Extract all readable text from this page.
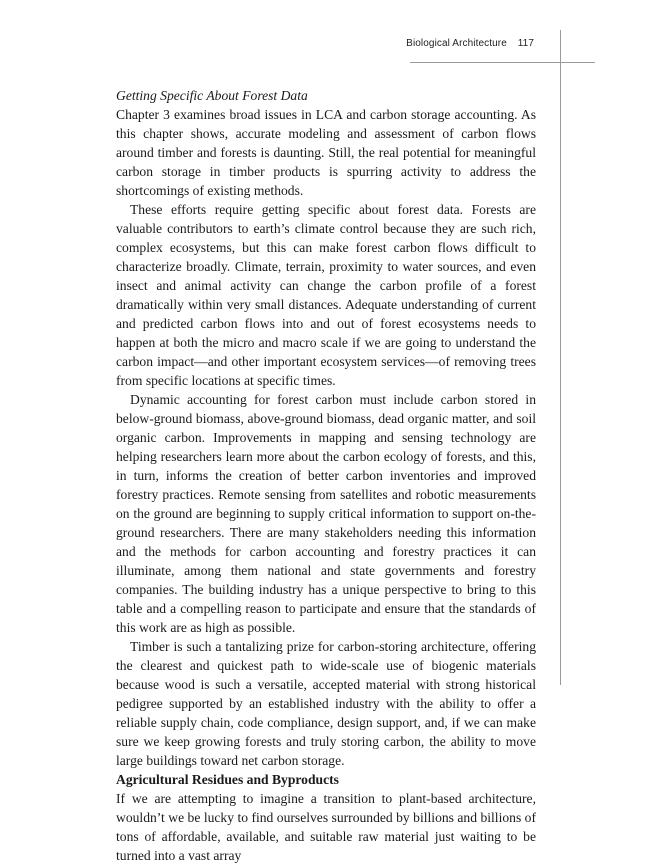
Biological Architecture 117

Getting Specific About Forest Data

Chapter 3 examines broad issues in LCA and carbon storage accounting. As this chapter shows, accurate modeling and assessment of carbon flows around timber and forests is daunting. Still, the real potential for meaningful carbon storage in timber products is spurring activity to address the shortcomings of existing methods.

These efforts require getting specific about forest data. Forests are valuable contributors to earth’s climate control because they are such rich, complex ecosystems, but this can make forest carbon flows difficult to characterize broadly. Climate, terrain, proximity to water sources, and even insect and animal activity can change the carbon profile of a forest dramatically within very small distances. Adequate understanding of current and predicted carbon flows into and out of forest ecosystems needs to happen at both the micro and macro scale if we are going to understand the carbon impact—and other important ecosystem services—of removing trees from specific locations at specific times.

Dynamic accounting for forest carbon must include carbon stored in below-ground biomass, above-ground biomass, dead organic matter, and soil organic carbon. Improvements in mapping and sensing technology are helping researchers learn more about the carbon ecology of forests, and this, in turn, informs the creation of better carbon inventories and improved forestry practices. Remote sensing from satellites and robotic measurements on the ground are beginning to supply critical information to support on-the-ground researchers. There are many stakeholders needing this information and the methods for carbon accounting and forestry practices it can illuminate, among them national and state governments and forestry companies. The building industry has a unique perspective to bring to this table and a compelling reason to participate and ensure that the standards of this work are as high as possible.

Timber is such a tantalizing prize for carbon-storing architecture, offering the clearest and quickest path to wide-scale use of biogenic materials because wood is such a versatile, accepted material with strong historical pedigree supported by an established industry with the ability to offer a reliable supply chain, code compliance, design support, and, if we can make sure we keep growing forests and truly storing carbon, the ability to move large buildings toward net carbon storage.

Agricultural Residues and Byproducts

If we are attempting to imagine a transition to plant-based architecture, wouldn’t we be lucky to find ourselves surrounded by billions and billions of tons of affordable, available, and suitable raw material just waiting to be turned into a vast array
